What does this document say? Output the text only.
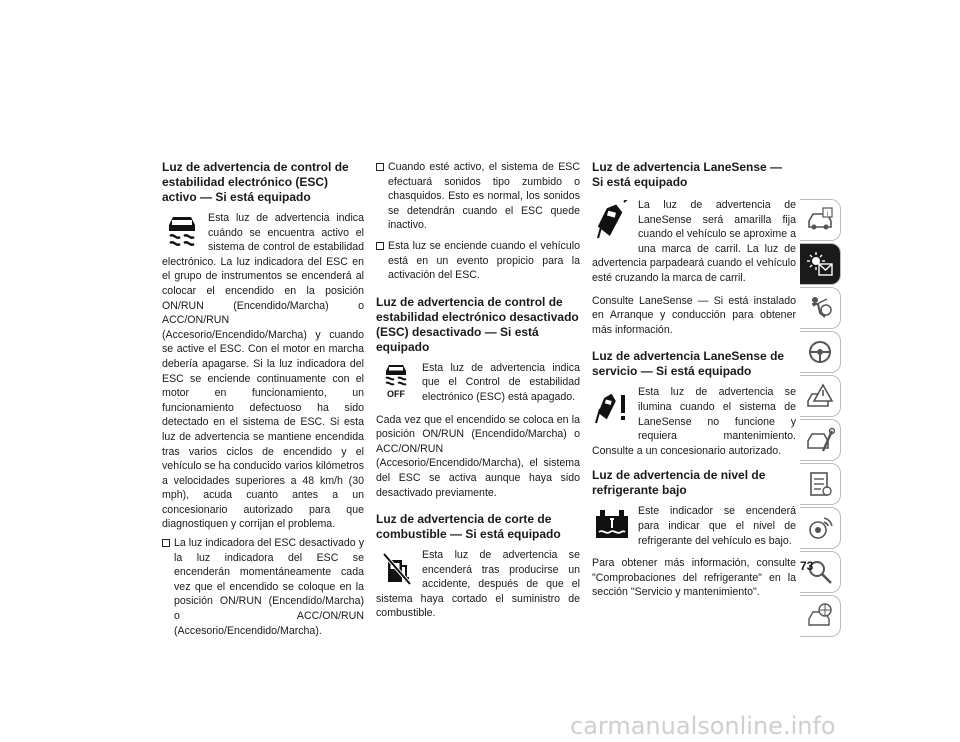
Luz de advertencia de control de estabilidad electrónico (ESC) activo — Si está equipado

Esta luz de advertencia indica cuándo se encuentra activo el sistema de control de estabilidad electrónico. La luz indicadora del ESC en el grupo de instrumentos se encenderá al colocar el encendido en la posición ON/RUN (Encendido/Marcha) o ACC/ON/RUN (Accesorio/Encendido/Marcha) y cuando se active el ESC. Con el motor en marcha debería apagarse. Si la luz indicadora del ESC se enciende continuamente con el motor en funcionamiento, un funcionamiento defectuoso ha sido detectado en el sistema de ESC. Si esta luz de advertencia se mantiene encendida tras varios ciclos de encendido y el vehículo se ha conducido varios kilómetros a velocidades superiores a 48 km/h (30 mph), acuda cuanto antes a un concesionario autorizado para que diagnostiquen y corrijan el problema.

La luz indicadora del ESC desactivado y la luz indicadora del ESC se encenderán momentáneamente cada vez que el encendido se coloque en la posición ON/RUN (Encendido/Marcha) o ACC/ON/RUN (Accesorio/Encendido/Marcha).
Cuando esté activo, el sistema de ESC efectuará sonidos tipo zumbido o chasquidos. Esto es normal, los sonidos se detendrán cuando el ESC quede inactivo.
Esta luz se enciende cuando el vehículo está en un evento propicio para la activación del ESC.
Luz de advertencia de control de estabilidad electrónico desactivado (ESC) desactivado — Si está equipado
OFF

Esta luz de advertencia indica que el Control de estabilidad electrónico (ESC) está apagado.

Cada vez que el encendido se coloca en la posición ON/RUN (Encendido/Marcha) o ACC/ON/RUN (Accesorio/Encendido/Marcha), el sistema del ESC se activa aunque haya sido desactivado previamente.

Luz de advertencia de corte de combustible — Si está equipado

Esta luz de advertencia se encenderá tras producirse un accidente, después de que el sistema haya cortado el suministro de combustible.

Luz de advertencia LaneSense — Si está equipado

La luz de advertencia de LaneSense será amarilla fija cuando el vehículo se aproxime a una marca de carril. La luz de advertencia parpadeará cuando el vehículo esté cruzando la marca de carril.

Consulte LaneSense — Si está instalado en Arranque y conducción para obtener más información.

Luz de advertencia LaneSense de servicio — Si está equipado

Esta luz de advertencia se ilumina cuando el sistema de LaneSense no funcione y requiera mantenimiento. Consulte a un concesionario autorizado.

Luz de advertencia de nivel de refrigerante bajo

Este indicador se encenderá para indicar que el nivel de refrigerante del vehículo es bajo.

Para obtener más información, consulte "Comprobaciones del refrigerante" en la sección "Servicio y mantenimiento".

i
73
carmanualsonline.info
